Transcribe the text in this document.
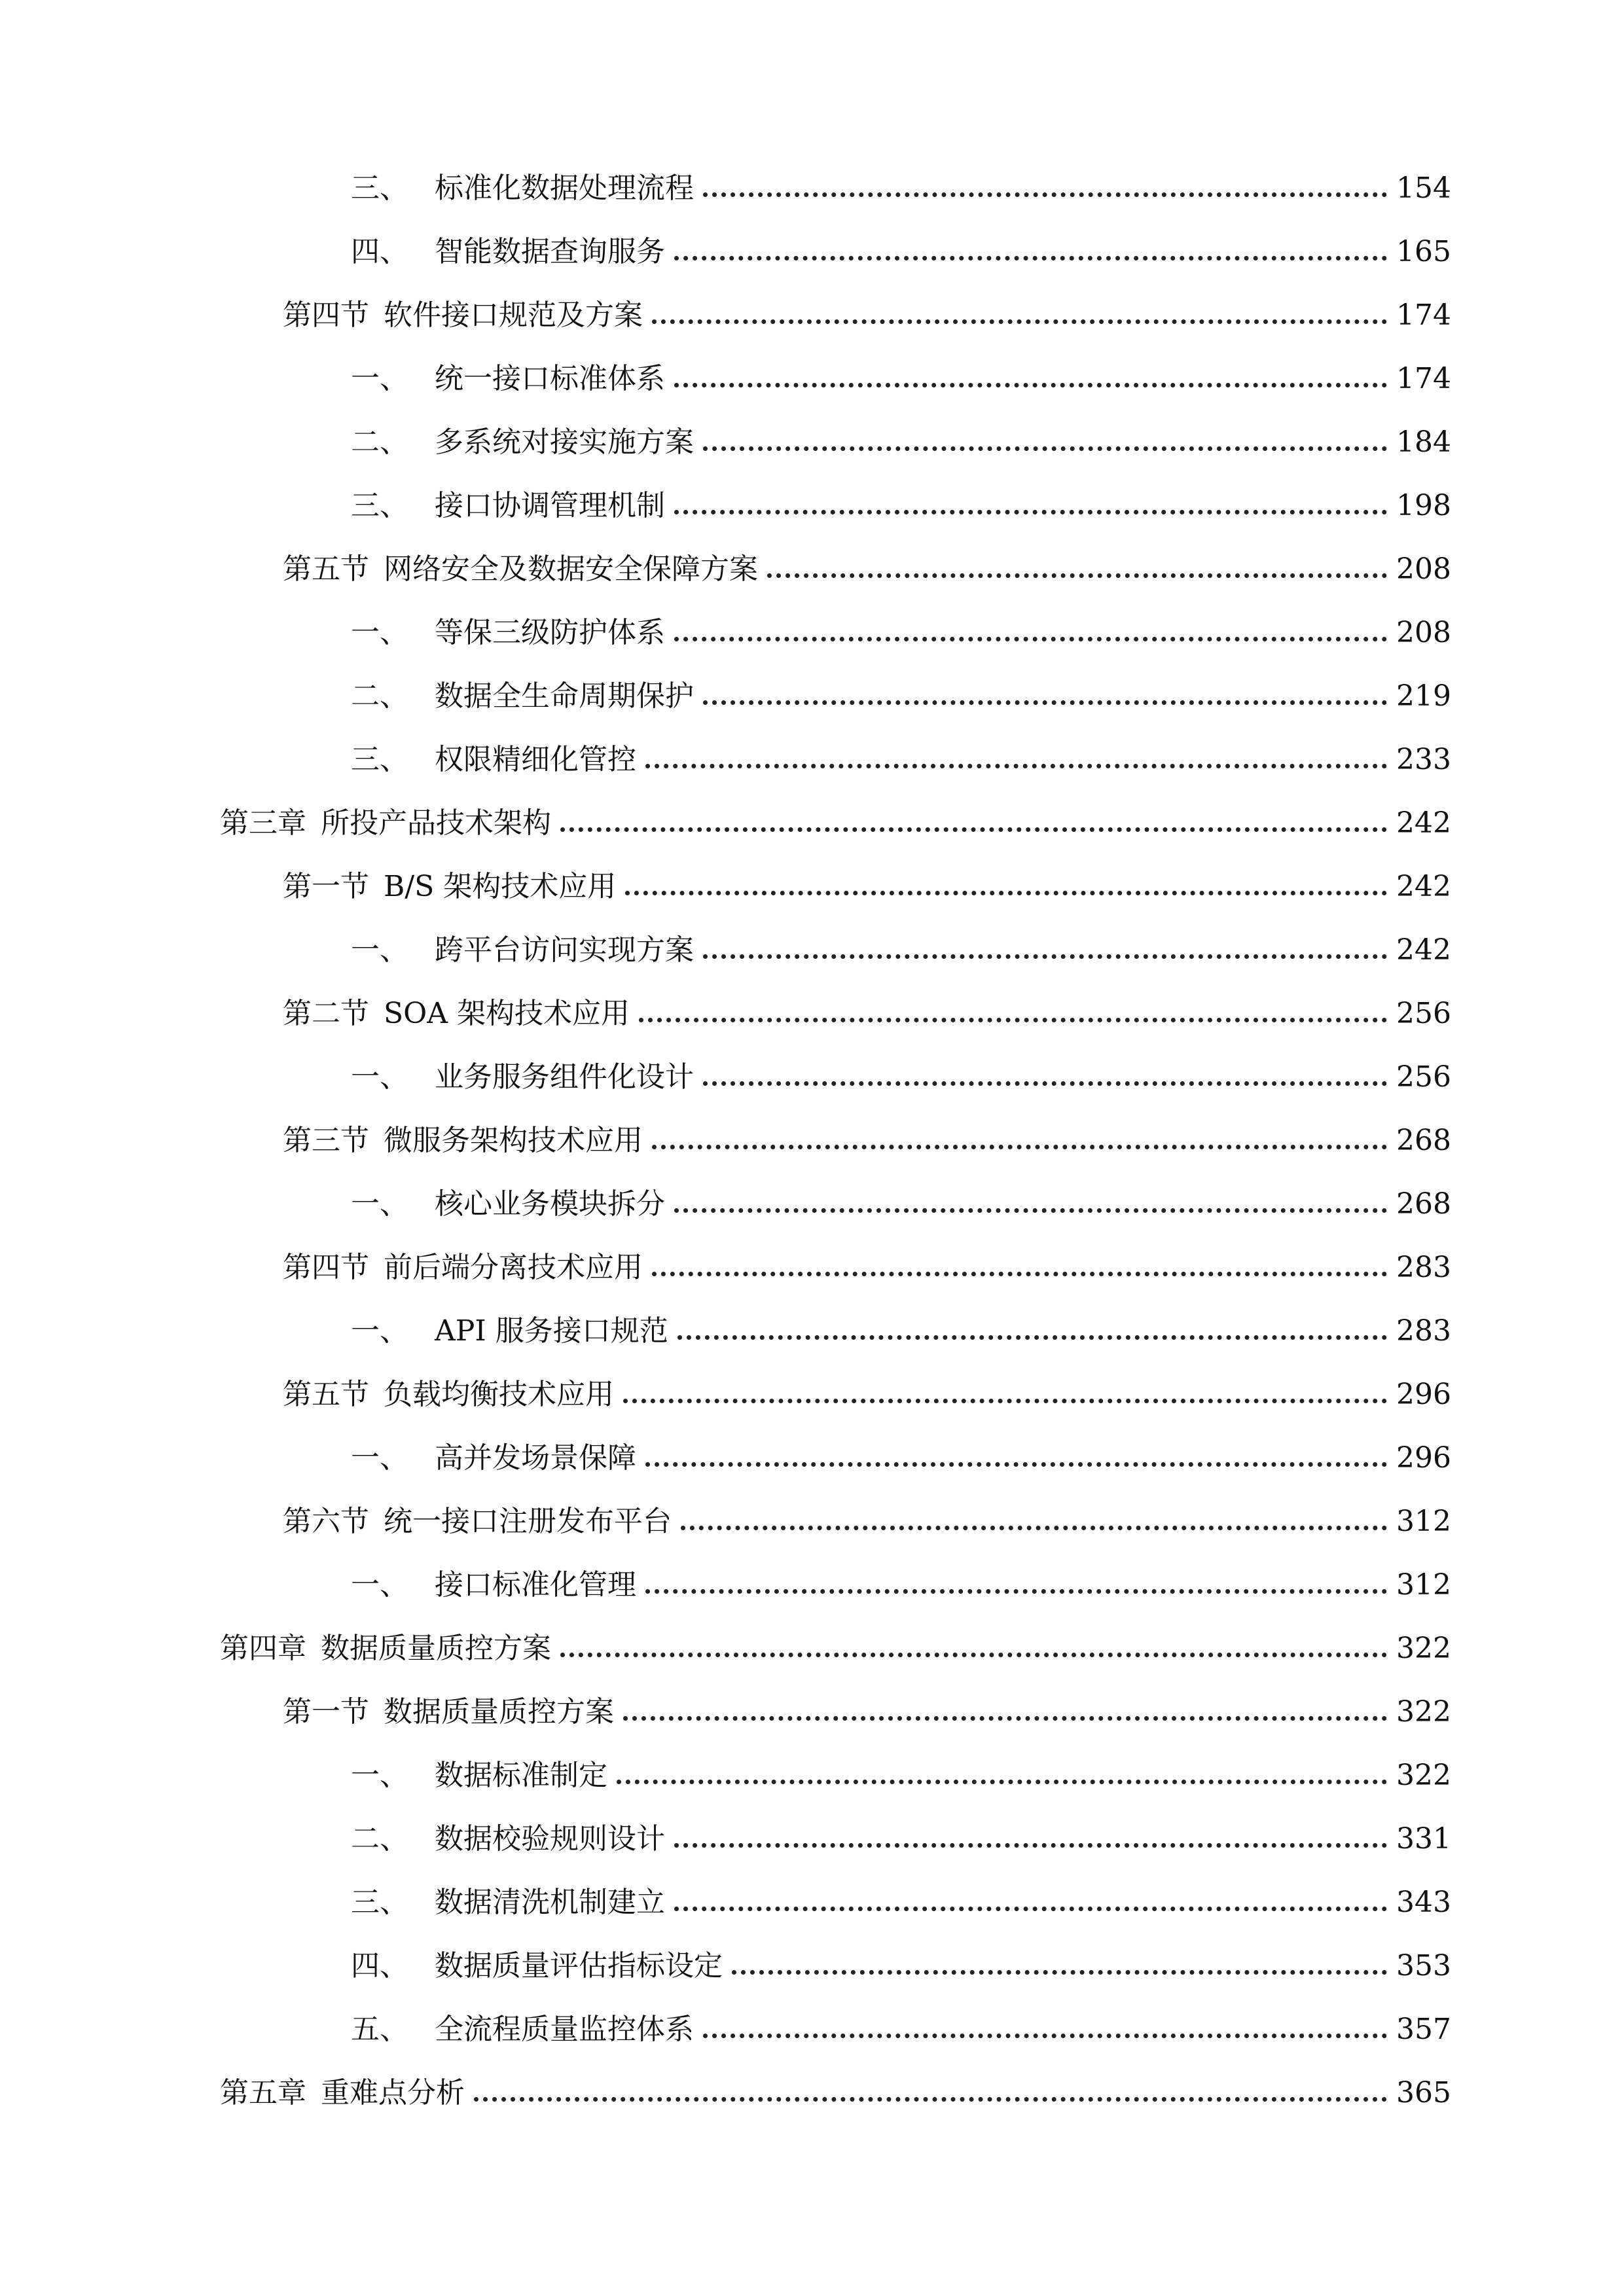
三、 标准化数据处理流程	154
四、 智能数据查询服务	165
第四节 软件接口规范及方案	174
一、 统一接口标准体系	174
二、 多系统对接实施方案	184
三、 接口协调管理机制	198
第五节 网络安全及数据安全保障方案	208
一、 等保三级防护体系	208
二、 数据全生命周期保护	219
三、 权限精细化管控	233
第三章 所投产品技术架构	242
第一节 B/S 架构技术应用	242
一、 跨平台访问实现方案	242
第二节 SOA 架构技术应用	256
一、 业务服务组件化设计	256
第三节 微服务架构技术应用	268
一、 核心业务模块拆分	268
第四节 前后端分离技术应用	283
一、 API 服务接口规范	283
第五节 负载均衡技术应用	296
一、 高并发场景保障	296
第六节 统一接口注册发布平台	312
一、 接口标准化管理	312
第四章 数据质量质控方案	322
第一节 数据质量质控方案	322
一、 数据标准制定	322
二、 数据校验规则设计	331
三、 数据清洗机制建立	343
四、 数据质量评估指标设定	353
五、 全流程质量监控体系	357
第五章 重难点分析	365
